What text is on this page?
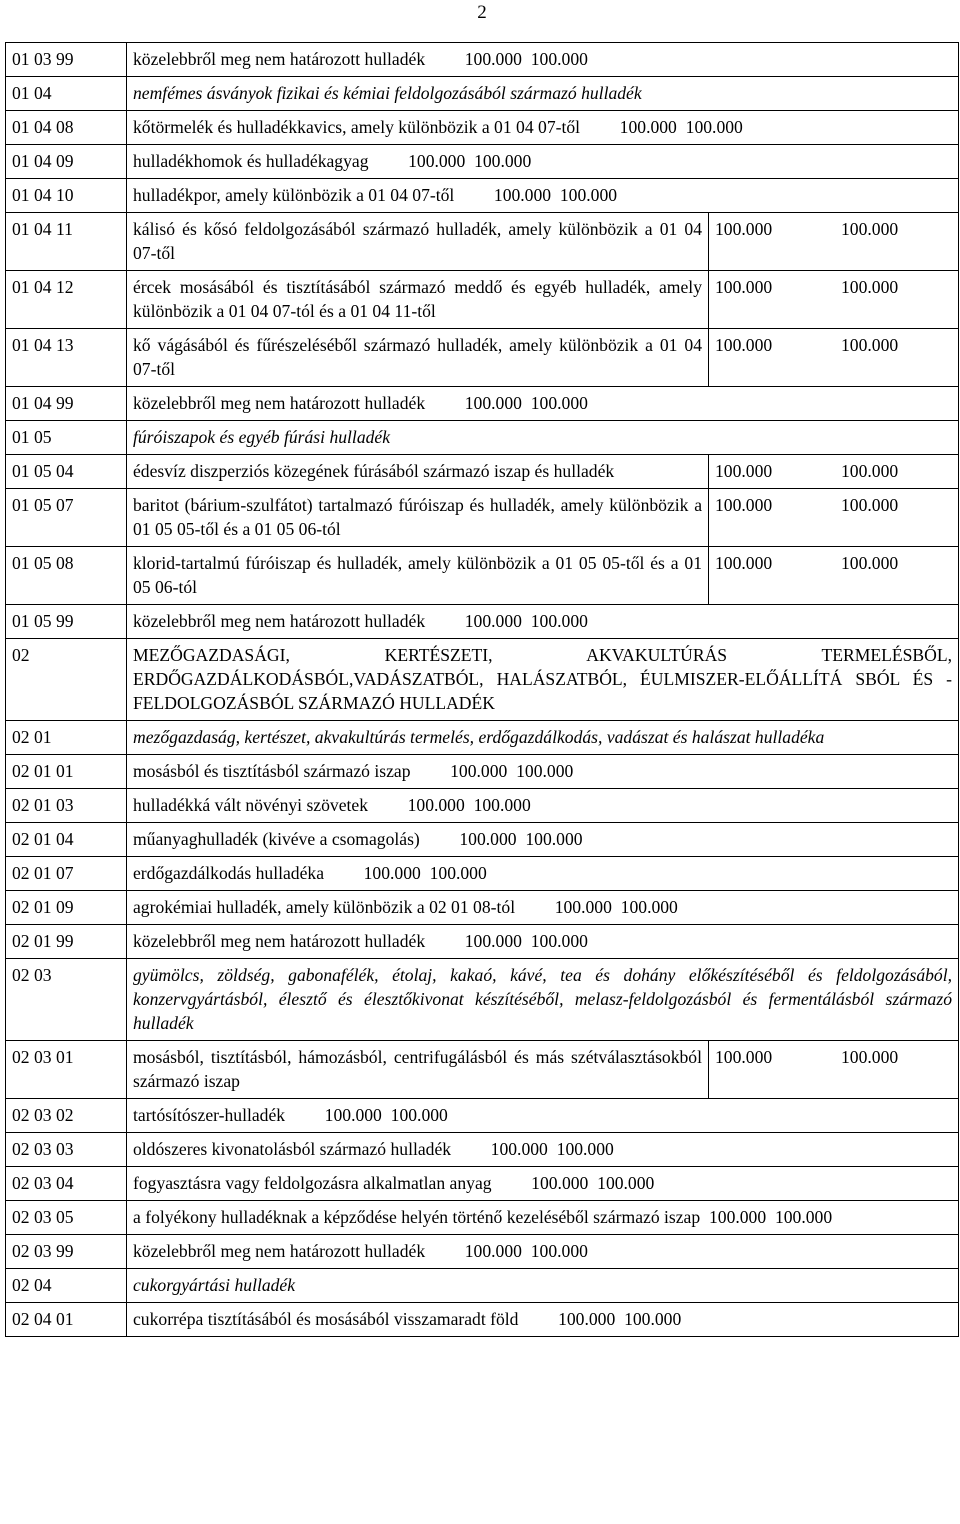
2
01 03 99	közelebbről meg nem határozott hulladék 100.000 100.000	
01 04	nemfémes ásványok fizikai és kémiai feldolgozásából származó hulladék	
01 04 08	kőtörmelék és hulladékkavics, amely különbözik a 01 04 07-től 100.000 100.000	
01 04 09	hulladékhomok és hulladékagyag 100.000 100.000	
01 04 10	hulladékpor, amely különbözik a 01 04 07-től 100.000 100.000	
01 04 11	kálisó és kősó feldolgozásából származó hulladék, amely különbözik a 01 04 07-től	100.000 100.000
01 04 12	ércek mosásából és tisztításából származó meddő és egyéb hulladék, amely különbözik a 01 04 07-tól és a 01 04 11-től	100.000 100.000
01 04 13	kő vágásából és fűrészeléséből származó hulladék, amely különbözik a 01 04 07-től	100.000 100.000
01 04 99	közelebbről meg nem határozott hulladék 100.000 100.000	
01 05	fúróiszapok és egyéb fúrási hulladék	
01 05 04	édesvíz diszperziós közegének fúrásából származó iszap és hulladék	100.000 100.000
01 05 07	baritot (bárium-szulfátot) tartalmazó fúróiszap és hulladék, amely különbözik a 01 05 05-től és a 01 05 06-tól	100.000 100.000
01 05 08	klorid-tartalmú fúróiszap és hulladék, amely különbözik a 01 05 05-től és a 01 05 06-tól	100.000 100.000
01 05 99	közelebbről meg nem határozott hulladék 100.000 100.000	
02	MEZŐGAZDASÁGI, KERTÉSZETI, AKVAKULTÚRÁS TERMELÉSBŐL, ERDŐGAZDÁLKODÁSBÓL,VADÁSZATBÓL, HALÁSZATBÓL, ÉULMISZER-ELŐÁLLÍTÁ SBÓL ÉS -FELDOLGOZÁSBÓL SZÁRMAZÓ HULLADÉK	
02 01	mezőgazdaság, kertészet, akvakultúrás termelés, erdőgazdálkodás, vadászat és halászat hulladéka	
02 01 01	mosásból és tisztításból származó iszap 100.000 100.000	
02 01 03	hulladékká vált növényi szövetek 100.000 100.000	
02 01 04	műanyaghulladék (kivéve a csomagolás) 100.000 100.000	
02 01 07	erdőgazdálkodás hulladéka 100.000 100.000	
02 01 09	agrokémiai hulladék, amely különbözik a 02 01 08-tól 100.000 100.000	
02 01 99	közelebbről meg nem határozott hulladék 100.000 100.000	
02 03	gyümölcs, zöldség, gabonafélék, étolaj, kakaó, kávé, tea és dohány előkészítéséből és feldolgozásából, konzervgyártásból, élesztő és élesztőkivonat készítéséből, melasz-feldolgozásból és fermentálásból származó hulladék	
02 03 01	mosásból, tisztításból, hámozásból, centrifugálásból és más szétválasztásokból származó iszap	100.000 100.000
02 03 02	tartósítószer-hulladék 100.000 100.000	
02 03 03	oldószeres kivonatolásból származó hulladék 100.000 100.000	
02 03 04	fogyasztásra vagy feldolgozásra alkalmatlan anyag 100.000 100.000	
02 03 05	a folyékony hulladéknak a képződése helyén történő kezeléséből származó iszap 100.000 100.000	
02 03 99	közelebbről meg nem határozott hulladék 100.000 100.000	
02 04	cukorgyártási hulladék	
02 04 01	cukorrépa tisztításából és mosásából visszamaradt föld 100.000 100.000	
